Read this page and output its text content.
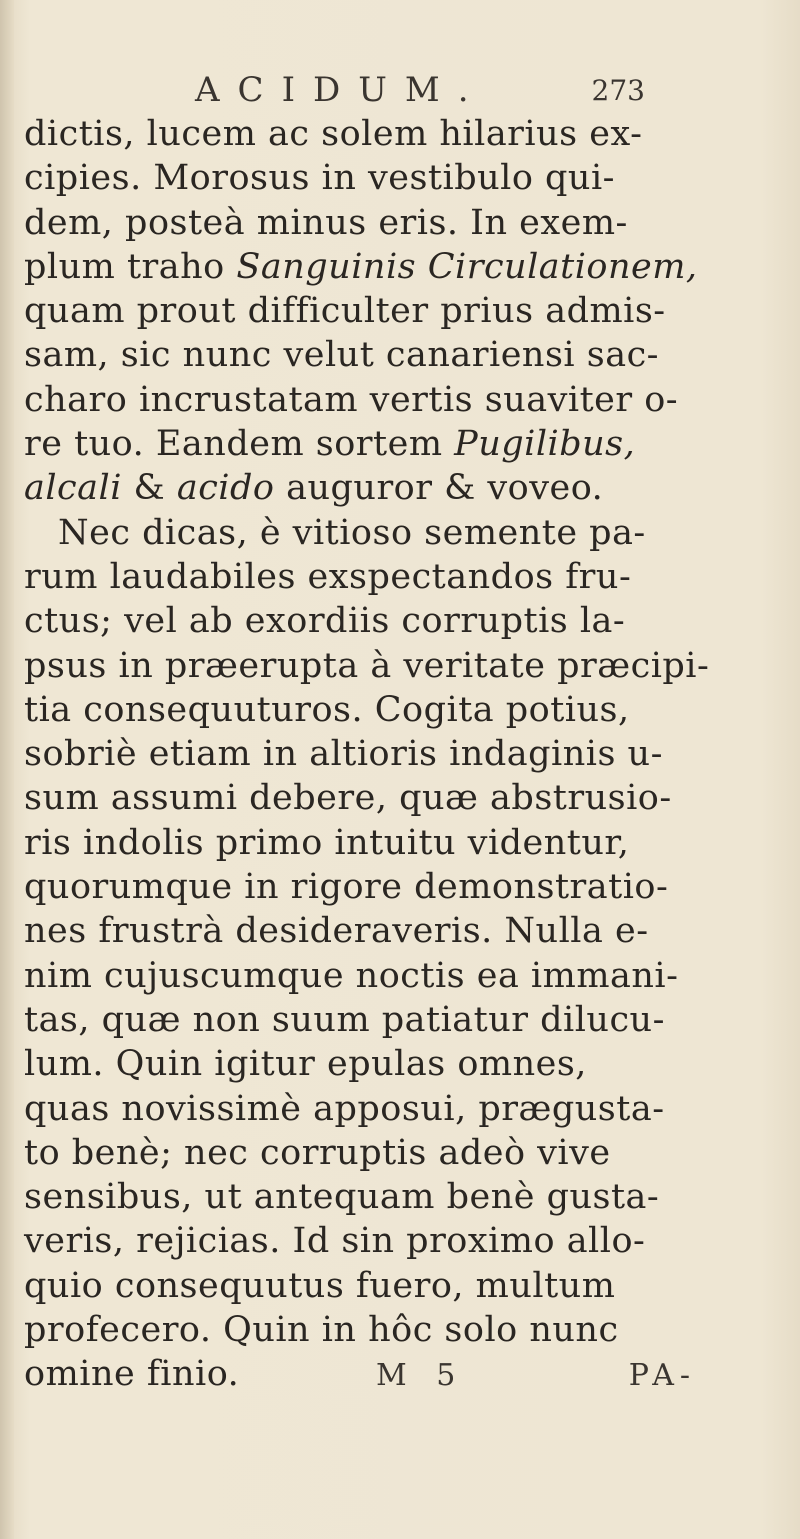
ACIDUM.	273
dictis, lucem ac solem hilarius ex-
cipies. Morosus in vestibulo qui-
dem, posteà minus eris. In exem-
plum traho Sanguinis Circulationem,
quam prout difficulter prius admis-
sam, sic nunc velut canariensi sac-
charo incrustatam vertis suaviter o-
re tuo. Eandem sortem Pugilibus,
alcali & acido auguror & voveo.
Nec dicas, è vitioso semente pa-
rum laudabiles exspectandos fru-
ctus; vel ab exordiis corruptis la-
psus in præerupta à veritate præcipi-
tia consequuturos. Cogita potius,
sobriè etiam in altioris indaginis u-
sum assumi debere, quæ abstrusio-
ris indolis primo intuitu videntur,
quorumque in rigore demonstratio-
nes frustrà desideraveris. Nulla e-
nim cujuscumque noctis ea immani-
tas, quæ non suum patiatur dilucu-
lum. Quin igitur epulas omnes,
quas novissimè apposui, prægusta-
to benè; nec corruptis adeò vive
sensibus, ut antequam benè gusta-
veris, rejicias. Id sin proximo allo-
quio consequutus fuero, multum
profecero. Quin in hôc solo nunc
omine finio.	M 5	PA-
